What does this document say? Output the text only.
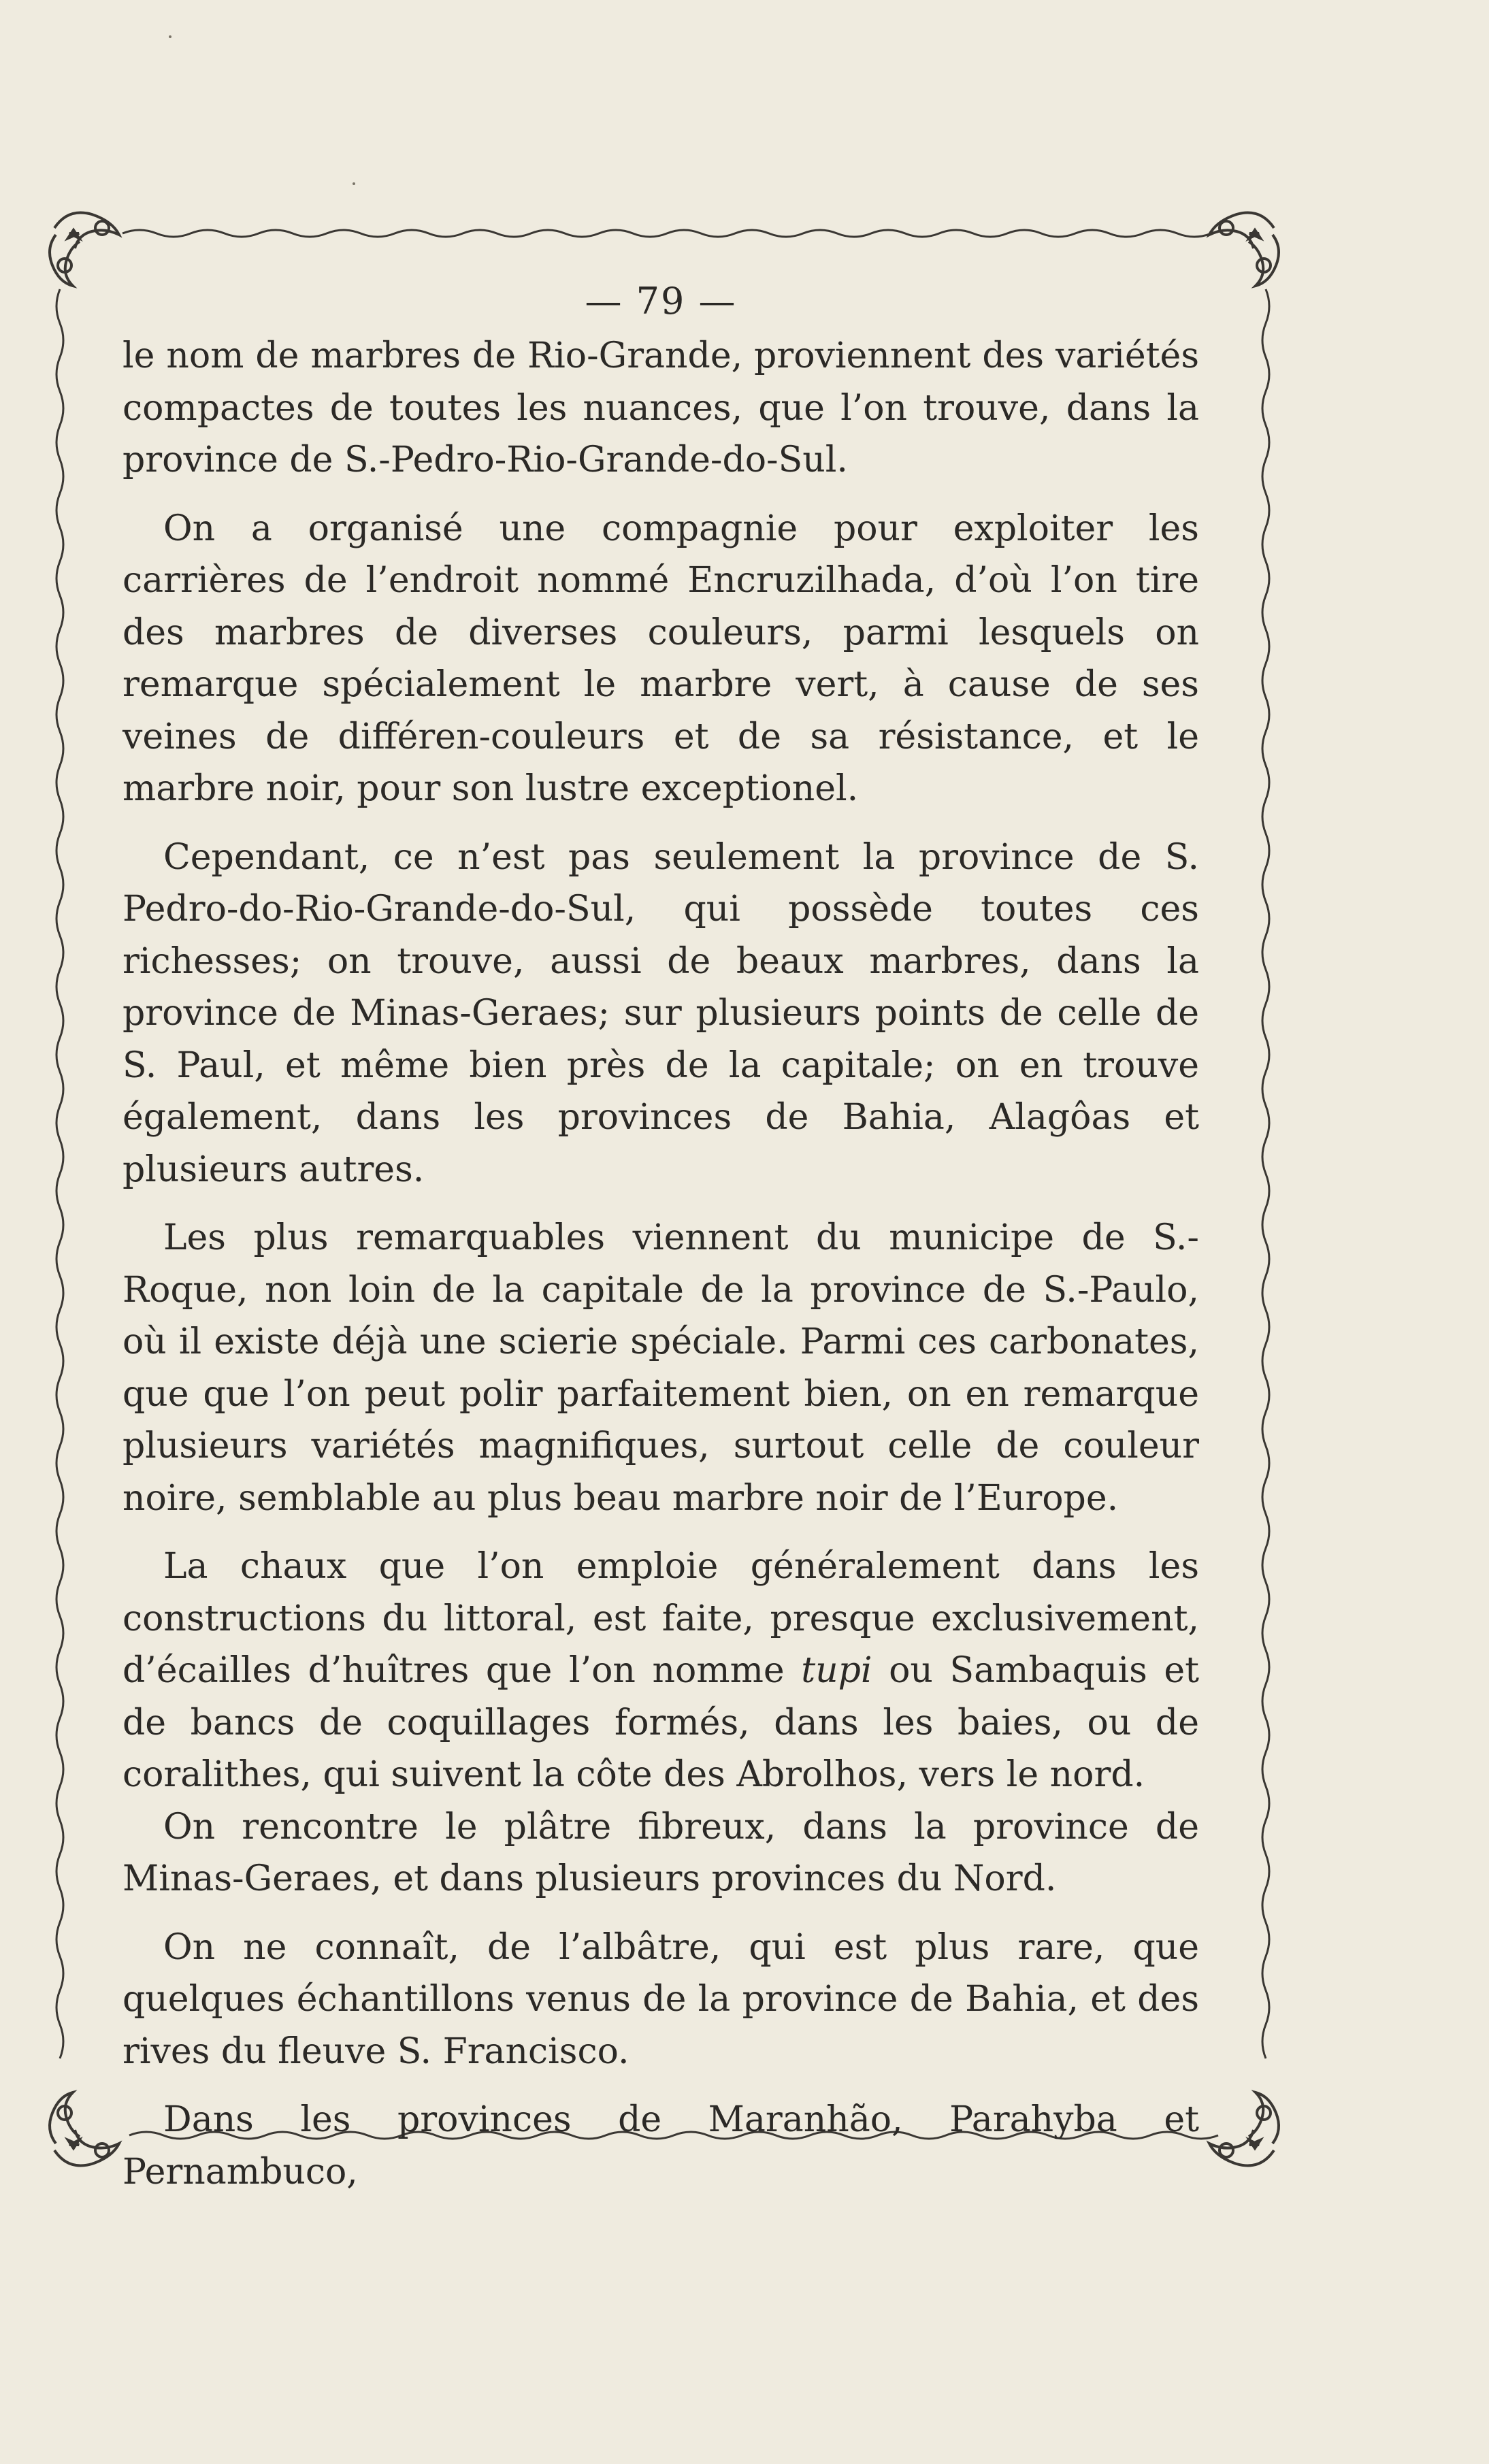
— 79 —

le nom de marbres de Rio-Grande, proviennent des variétés compactes de toutes les nuances, que l’on trouve, dans la province de S.-Pedro-Rio-Grande-do-Sul.

On a organisé une compagnie pour exploiter les carrières de l’endroit nommé Encruzilhada, d’où l’on tire des marbres de diverses couleurs, parmi lesquels on remarque spécialement le marbre vert, à cause de ses veines de différen-couleurs et de sa résistance, et le marbre noir, pour son lustre exceptionel.

Cependant, ce n’est pas seulement la province de S. Pedro-do-Rio-Grande-do-Sul, qui possède toutes ces richesses; on trouve, aussi de beaux marbres, dans la province de Minas-Geraes; sur plusieurs points de celle de S. Paul, et même bien près de la capitale; on en trouve également, dans les provinces de Bahia, Alagôas et plusieurs autres.

Les plus remarquables viennent du municipe de S.-Roque, non loin de la capitale de la province de S.-Paulo, où il existe déjà une scierie spéciale. Parmi ces carbonates, que que l’on peut polir parfaitement bien, on en remarque plusieurs variétés magnifiques, surtout celle de couleur noire, semblable au plus beau marbre noir de l’Europe.

La chaux que l’on emploie généralement dans les constructions du littoral, est faite, presque exclusivement, d’écailles d’huîtres que l’on nomme tupi ou Sambaquis et de bancs de coquillages formés, dans les baies, ou de coralithes, qui suivent la côte des Abrolhos, vers le nord.

On rencontre le plâtre fibreux, dans la province de Minas-Geraes, et dans plusieurs provinces du Nord.

On ne connaît, de l’albâtre, qui est plus rare, que quelques échantillons venus de la province de Bahia, et des rives du fleuve S. Francisco.

Dans les provinces de Maranhão, Parahyba et Pernambuco,
